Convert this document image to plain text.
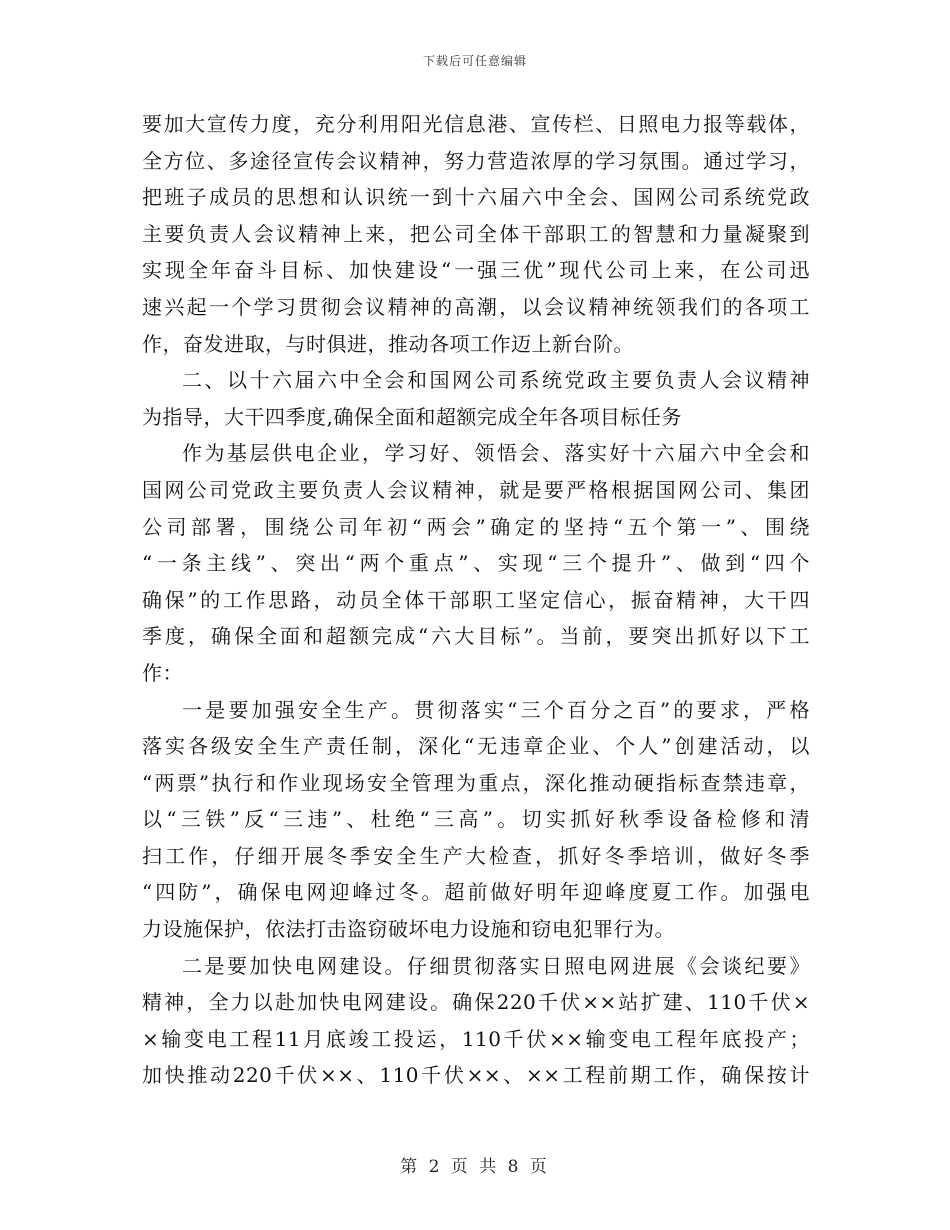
下载后可任意编辑
要加大宣传力度，充分利用阳光信息港、宣传栏、日照电力报等载体，
全方位、多途径宣传会议精神，努力营造浓厚的学习氛围。通过学习，
把班子成员的思想和认识统一到十六届六中全会、国网公司系统党政
主要负责人会议精神上来，把公司全体干部职工的智慧和力量凝聚到
实现全年奋斗目标、加快建设“一强三优”现代公司上来，在公司迅
速兴起一个学习贯彻会议精神的高潮，以会议精神统领我们的各项工
作，奋发进取，与时俱进，推动各项工作迈上新台阶。
二、以十六届六中全会和国网公司系统党政主要负责人会议精神
为指导，大干四季度,确保全面和超额完成全年各项目标任务
作为基层供电企业，学习好、领悟会、落实好十六届六中全会和
国网公司党政主要负责人会议精神，就是要严格根据国网公司、集团
公司部署，围绕公司年初“两会”确定的坚持“五个第一”、围绕
“一条主线”、突出“两个重点”、实现“三个提升”、做到“四个
确保”的工作思路，动员全体干部职工坚定信心，振奋精神，大干四
季度，确保全面和超额完成“六大目标”。当前，要突出抓好以下工
作：
一是要加强安全生产。贯彻落实“三个百分之百”的要求，严格
落实各级安全生产责任制，深化“无违章企业、个人”创建活动，以
“两票”执行和作业现场安全管理为重点，深化推动硬指标查禁违章，
以“三铁”反“三违”、杜绝“三高”。切实抓好秋季设备检修和清
扫工作，仔细开展冬季安全生产大检查，抓好冬季培训，做好冬季
“四防”，确保电网迎峰过冬。超前做好明年迎峰度夏工作。加强电
力设施保护，依法打击盗窃破坏电力设施和窃电犯罪行为。
二是要加快电网建设。仔细贯彻落实日照电网进展《会谈纪要》
精神，全力以赴加快电网建设。确保220千伏××站扩建、110千伏×
×输变电工程11月底竣工投运，110千伏××输变电工程年底投产；
加快推动220千伏××、110千伏××、××工程前期工作，确保按计
第 2 页 共 8 页
